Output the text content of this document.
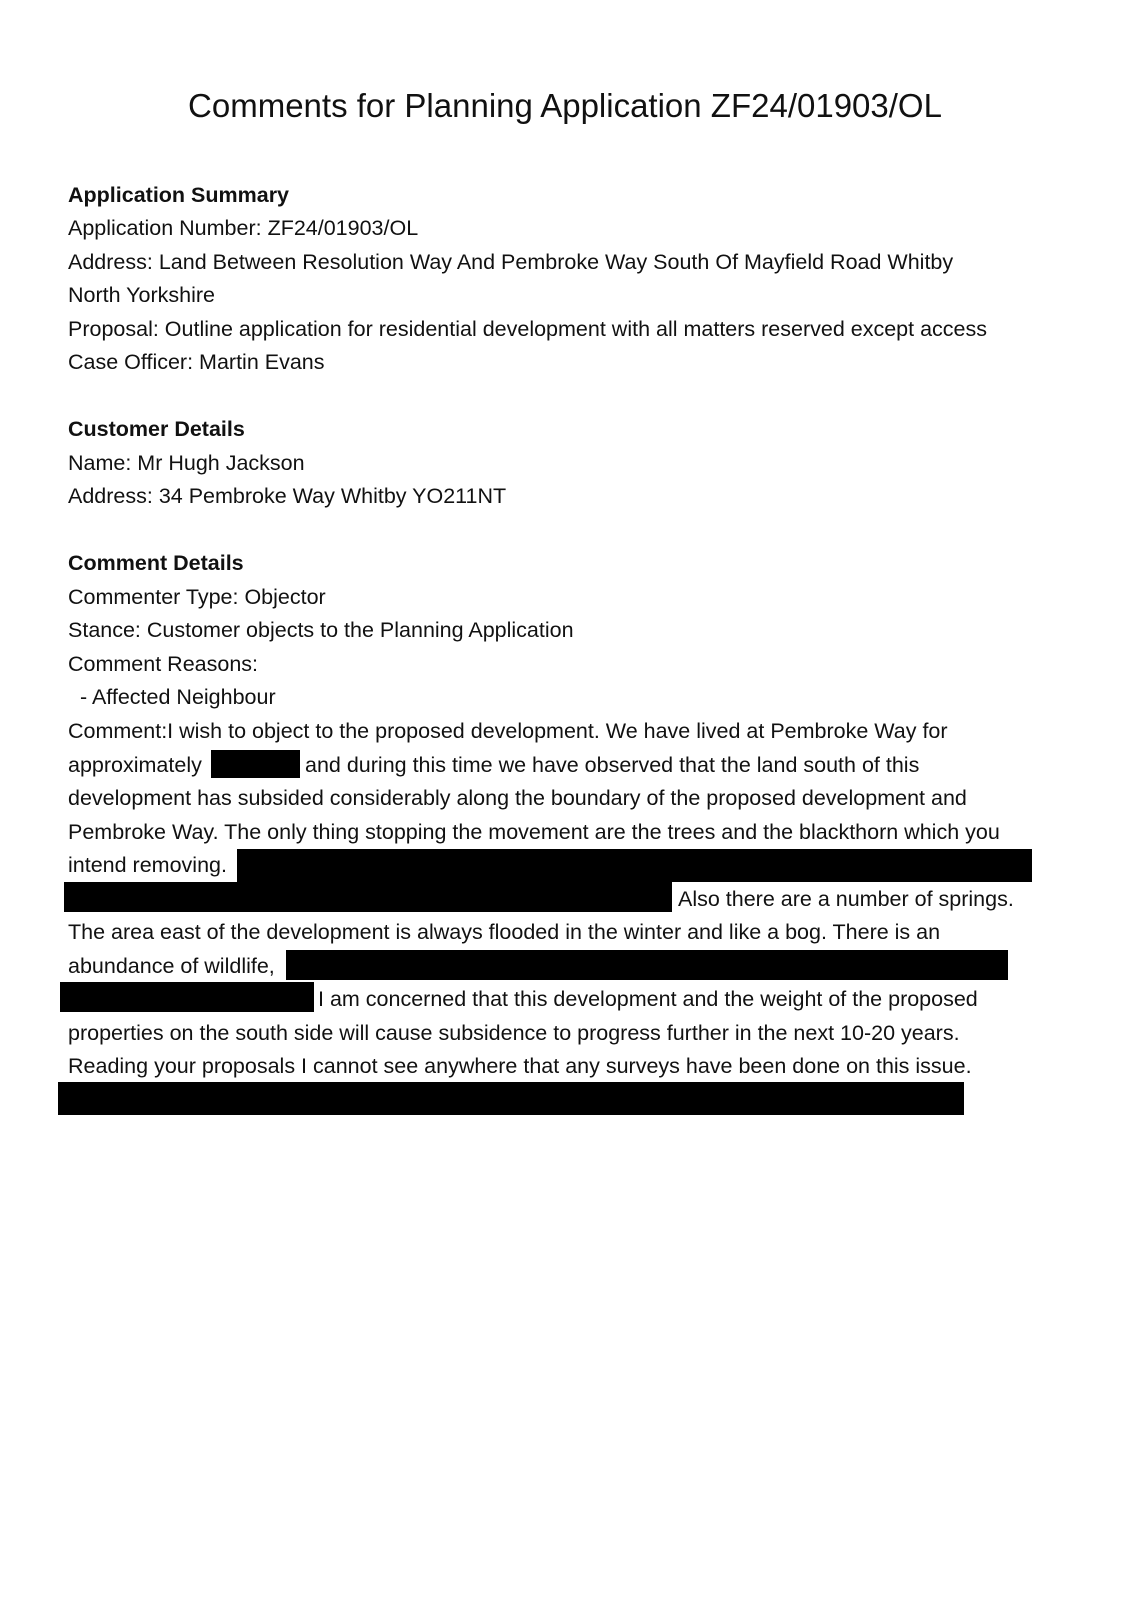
Comments for Planning Application ZF24/01903/OL
Application Summary
Application Number: ZF24/01903/OL
Address: Land Between Resolution Way And Pembroke Way South Of Mayfield Road Whitby
North Yorkshire
Proposal: Outline application for residential development with all matters reserved except access
Case Officer: Martin Evans
Customer Details
Name: Mr Hugh Jackson
Address: 34 Pembroke Way Whitby YO211NT
Comment Details
Commenter Type: Objector
Stance: Customer objects to the Planning Application
Comment Reasons:
- Affected Neighbour
Comment:I wish to object to the proposed development. We have lived at Pembroke Way for
approximately	and during this time we have observed that the land south of this
development has subsided considerably along the boundary of the proposed development and
Pembroke Way. The only thing stopping the movement are the trees and the blackthorn which you
intend removing.
Also there are a number of springs.
The area east of the development is always flooded in the winter and like a bog. There is an
abundance of wildlife,
I am concerned that this development and the weight of the proposed
properties on the south side will cause subsidence to progress further in the next 10-20 years.
Reading your proposals I cannot see anywhere that any surveys have been done on this issue.
